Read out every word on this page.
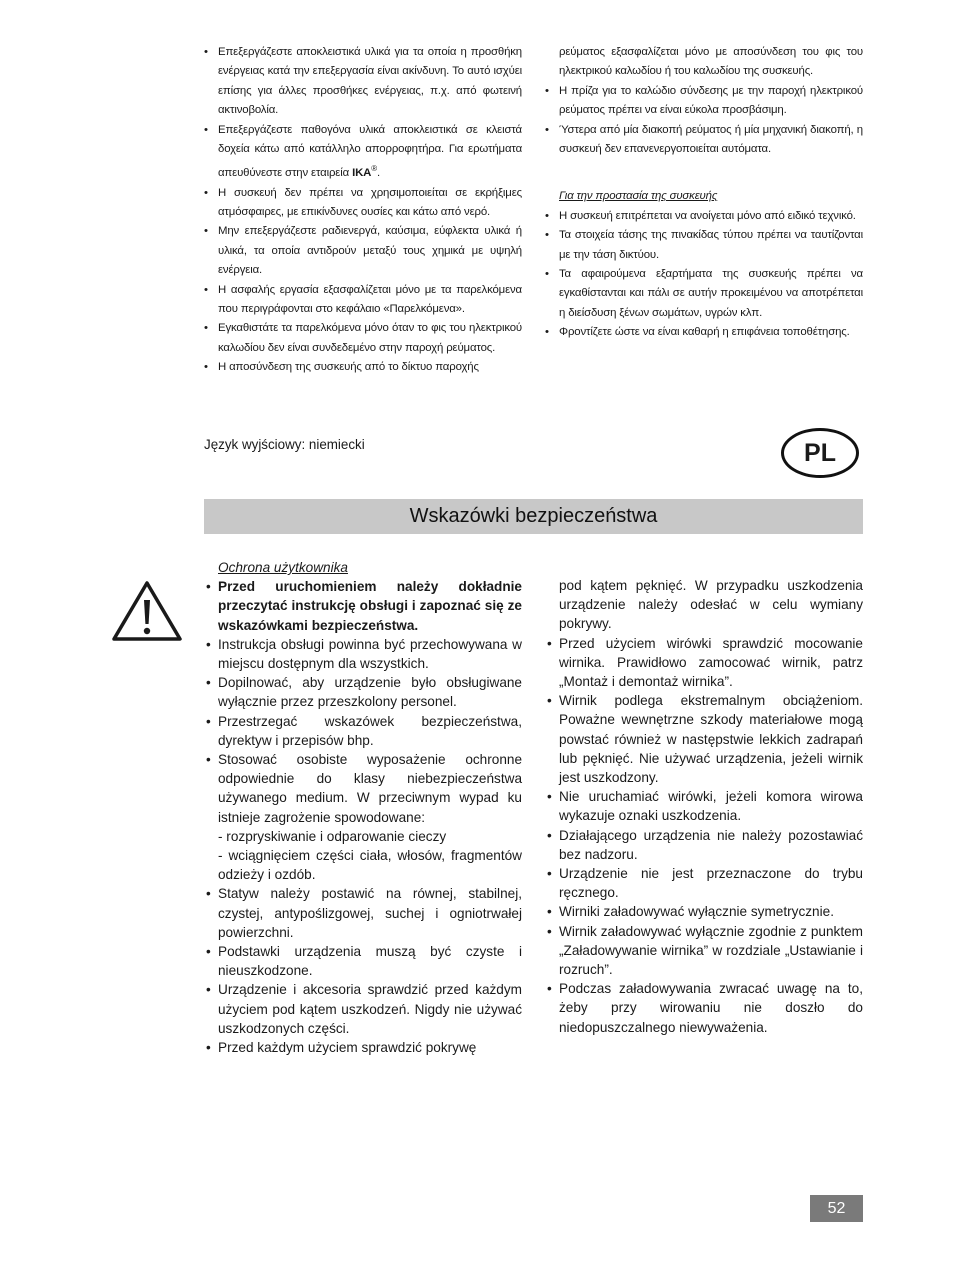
• Επεξεργάζεστε αποκλειστικά υλικά για τα οποία η προσθήκη ενέργειας κατά την επεξεργασία είναι ακίνδυνη. Το αυτό ισχύει επίσης για άλλες προσθήκες ενέργειας, π.χ. από φωτεινή ακτινοβολία.
• Επεξεργάζεστε παθογόνα υλικά αποκλειστικά σε κλειστά δοχεία κάτω από κατάλληλο απορροφητήρα. Για ερωτήματα απευθύνεστε στην εταιρεία IKA®.
• Η συσκευή δεν πρέπει να χρησιμοποιείται σε εκρήξιμες ατμόσφαιρες, με επικίνδυνες ουσίες και κάτω από νερό.
• Μην επεξεργάζεστε ραδιενεργά, καύσιμα, εύφλεκτα υλικά ή υλικά, τα οποία αντιδρούν μεταξύ τους χημικά με υψηλή ενέργεια.
• Η ασφαλής εργασία εξασφαλίζεται μόνο με τα παρελκόμενα που περιγράφονται στο κεφάλαιο «Παρελκόμενα».
• Εγκαθιστάτε τα παρελκόμενα μόνο όταν το φις του ηλεκτρικού καλωδίου δεν είναι συνδεδεμένο στην παροχή ρεύματος.
• Η αποσύνδεση της συσκευής από το δίκτυο παροχής
ρεύματος εξασφαλίζεται μόνο με αποσύνδεση του φις του ηλεκτρικού καλωδίου ή του καλωδίου της συσκευής.
• Η πρίζα για το καλώδιο σύνδεσης με την παροχή ηλεκτρικού ρεύματος πρέπει να είναι εύκολα προσβάσιμη.
• Ύστερα από μία διακοπή ρεύματος ή μία μηχανική διακοπή, η συσκευή δεν επανενεργοποιείται αυτόματα.
Για την προστασία της συσκευής
• Η συσκευή επιτρέπεται να ανοίγεται μόνο από ειδικό τεχνικό.
• Τα στοιχεία τάσης της πινακίδας τύπου πρέπει να ταυτίζονται με την τάση δικτύου.
• Τα αφαιρούμενα εξαρτήματα της συσκευής πρέπει να εγκαθίστανται και πάλι σε αυτήν προκειμένου να αποτρέπεται η διείσδυση ξένων σωμάτων, υγρών κλπ.
• Φροντίζετε ώστε να είναι καθαρή η επιφάνεια τοποθέτησης.
Język wyjściowy: niemiecki	PL
Wskazówki bezpieczeństwa
Ochrona użytkownika
• Przed uruchomieniem należy dokładnie przeczytać instrukcję obsługi i zapoznać się ze wskazówkami bezpieczeństwa.
• Instrukcja obsługi powinna być przechowywana w miejscu dostępnym dla wszystkich.
• Dopilnować, aby urządzenie było obsługiwane wyłącznie przez przeszkolony personel.
• Przestrzegać wskazówek bezpieczeństwa, dyrektyw i przepisów bhp.
• Stosować osobiste wyposażenie ochronne odpowiednie do klasy niebezpieczeństwa używanego medium. W przeciwnym wypad ku istnieje zagrożenie spowodowane:
- rozpryskiwanie i odparowanie cieczy
- wciągnięciem części ciała, włosów, fragmentów odzieży i ozdób.
• Statyw należy postawić na równej, stabilnej, czystej, antypoślizgowej, suchej i ogniotrwałej powierzchni.
• Podstawki urządzenia muszą być czyste i nieuszkodzone.
• Urządzenie i akcesoria sprawdzić przed każdym użyciem pod kątem uszkodzeń. Nigdy nie używać uszkodzonych części.
• Przed każdym użyciem sprawdzić pokrywę
pod kątem pęknięć. W przypadku uszkodzenia urządzenie należy odesłać w celu wymiany pokrywy.
• Przed użyciem wirówki sprawdzić mocowanie wirnika. Prawidłowo zamocować wirnik, patrz „Montaż i demontaż wirnika”.
• Wirnik podlega ekstremalnym obciążeniom. Poważne wewnętrzne szkody materiałowe mogą powstać również w następstwie lekkich zadrapań lub pęknięć. Nie używać urządzenia, jeżeli wirnik jest uszkodzony.
• Nie uruchamiać wirówki, jeżeli komora wirowa wykazuje oznaki uszkodzenia.
• Działającego urządzenia nie należy pozostawiać bez nadzoru.
• Urządzenie nie jest przeznaczone do trybu ręcznego.
• Wirniki załadowywać wyłącznie symetrycznie.
• Wirnik załadowywać wyłącznie zgodnie z punktem „Załadowywanie wirnika” w rozdziale „Ustawianie i rozruch”.
• Podczas załadowywania zwracać uwagę na to, żeby przy wirowaniu nie doszło do niedopuszczalnego niewyważenia.
52
